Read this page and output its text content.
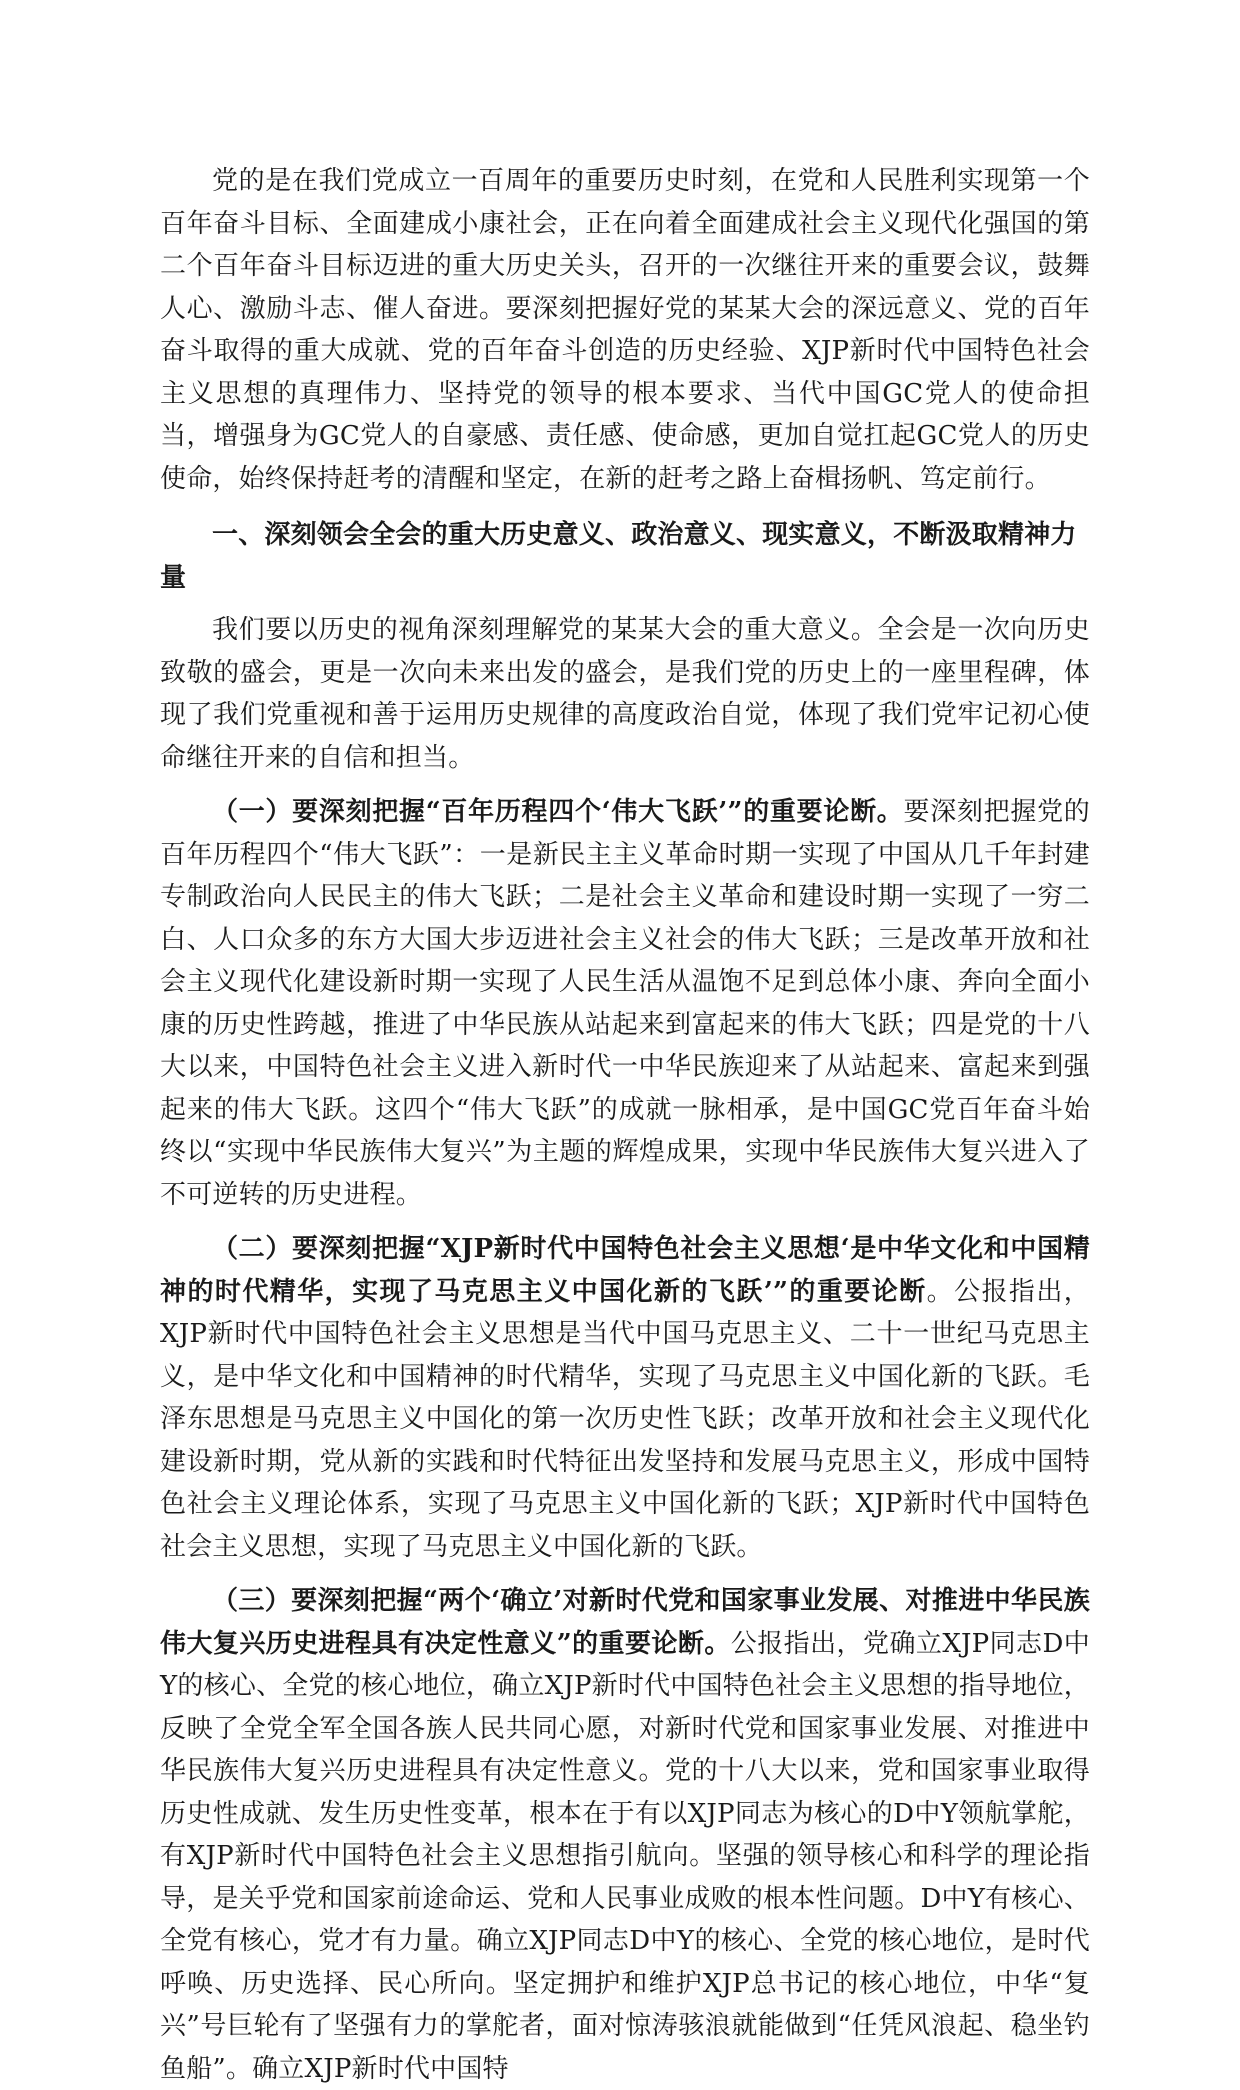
党的是在我们党成立一百周年的重要历史时刻，在党和人民胜利实现第一个百年奋斗目标、全面建成小康社会，正在向着全面建成社会主义现代化强国的第二个百年奋斗目标迈进的重大历史关头，召开的一次继往开来的重要会议，鼓舞人心、激励斗志、催人奋进。要深刻把握好党的某某大会的深远意义、党的百年奋斗取得的重大成就、党的百年奋斗创造的历史经验、XJP新时代中国特色社会主义思想的真理伟力、坚持党的领导的根本要求、当代中国GC党人的使命担当，增强身为GC党人的自豪感、责任感、使命感，更加自觉扛起GC党人的历史使命，始终保持赶考的清醒和坚定，在新的赶考之路上奋楫扬帆、笃定前行。

一、深刻领会全会的重大历史意义、政治意义、现实意义，不断汲取精神力量

我们要以历史的视角深刻理解党的某某大会的重大意义。全会是一次向历史致敬的盛会，更是一次向未来出发的盛会，是我们党的历史上的一座里程碑，体现了我们党重视和善于运用历史规律的高度政治自觉，体现了我们党牢记初心使命继往开来的自信和担当。

（一）要深刻把握“百年历程四个‘伟大飞跃’”的重要论断。要深刻把握党的百年历程四个“伟大飞跃”：一是新民主主义革命时期一实现了中国从几千年封建专制政治向人民民主的伟大飞跃；二是社会主义革命和建设时期一实现了一穷二白、人口众多的东方大国大步迈进社会主义社会的伟大飞跃；三是改革开放和社会主义现代化建设新时期一实现了人民生活从温饱不足到总体小康、奔向全面小康的历史性跨越，推进了中华民族从站起来到富起来的伟大飞跃；四是党的十八大以来，中国特色社会主义进入新时代一中华民族迎来了从站起来、富起来到强起来的伟大飞跃。这四个“伟大飞跃”的成就一脉相承，是中国GC党百年奋斗始终以“实现中华民族伟大复兴”为主题的辉煌成果，实现中华民族伟大复兴进入了不可逆转的历史进程。

（二）要深刻把握“XJP新时代中国特色社会主义思想‘是中华文化和中国精神的时代精华，实现了马克思主义中国化新的飞跃’”的重要论断。公报指出，XJP新时代中国特色社会主义思想是当代中国马克思主义、二十一世纪马克思主义，是中华文化和中国精神的时代精华，实现了马克思主义中国化新的飞跃。毛泽东思想是马克思主义中国化的第一次历史性飞跃；改革开放和社会主义现代化建设新时期，党从新的实践和时代特征出发坚持和发展马克思主义，形成中国特色社会主义理论体系，实现了马克思主义中国化新的飞跃；XJP新时代中国特色社会主义思想，实现了马克思主义中国化新的飞跃。

（三）要深刻把握“两个‘确立’对新时代党和国家事业发展、对推进中华民族伟大复兴历史进程具有决定性意义”的重要论断。公报指出，党确立XJP同志D中Y的核心、全党的核心地位，确立XJP新时代中国特色社会主义思想的指导地位，反映了全党全军全国各族人民共同心愿，对新时代党和国家事业发展、对推进中华民族伟大复兴历史进程具有决定性意义。党的十八大以来，党和国家事业取得历史性成就、发生历史性变革，根本在于有以XJP同志为核心的D中Y领航掌舵，有XJP新时代中国特色社会主义思想指引航向。坚强的领导核心和科学的理论指导，是关乎党和国家前途命运、党和人民事业成败的根本性问题。D中Y有核心、全党有核心，党才有力量。确立XJP同志D中Y的核心、全党的核心地位，是时代呼唤、历史选择、民心所向。坚定拥护和维护XJP总书记的核心地位，中华“复兴”号巨轮有了坚强有力的掌舵者，面对惊涛骇浪就能做到“任凭风浪起、稳坐钓鱼船”。确立XJP新时代中国特
